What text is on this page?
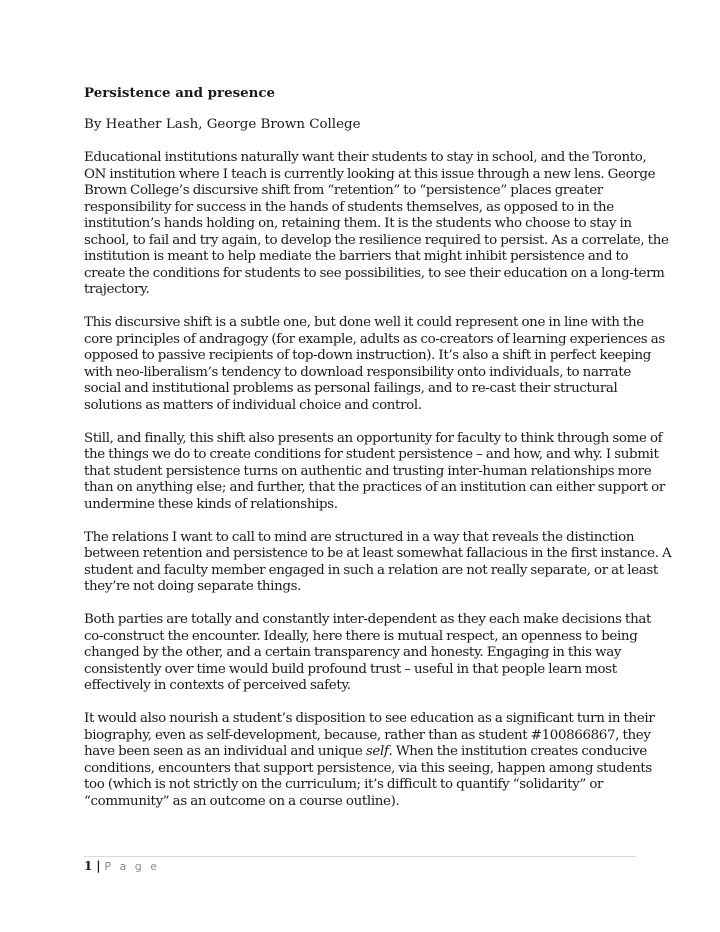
Persistence and presence

By Heather Lash, George Brown College

Educational institutions naturally want their students to stay in school, and the Toronto,
ON institution where I teach is currently looking at this issue through a new lens. George
Brown College’s discursive shift from “retention” to “persistence” places greater
responsibility for success in the hands of students themselves, as opposed to in the
institution’s hands holding on, retaining them. It is the students who choose to stay in
school, to fail and try again, to develop the resilience required to persist. As a correlate, the
institution is meant to help mediate the barriers that might inhibit persistence and to
create the conditions for students to see possibilities, to see their education on a long-term
trajectory.

This discursive shift is a subtle one, but done well it could represent one in line with the
core principles of andragogy (for example, adults as co-creators of learning experiences as
opposed to passive recipients of top-down instruction). It’s also a shift in perfect keeping
with neo-liberalism’s tendency to download responsibility onto individuals, to narrate
social and institutional problems as personal failings, and to re-cast their structural
solutions as matters of individual choice and control.

Still, and finally, this shift also presents an opportunity for faculty to think through some of
the things we do to create conditions for student persistence – and how, and why. I submit
that student persistence turns on authentic and trusting inter-human relationships more
than on anything else; and further, that the practices of an institution can either support or
undermine these kinds of relationships.

The relations I want to call to mind are structured in a way that reveals the distinction
between retention and persistence to be at least somewhat fallacious in the first instance. A
student and faculty member engaged in such a relation are not really separate, or at least
they’re not doing separate things.

Both parties are totally and constantly inter-dependent as they each make decisions that
co-construct the encounter. Ideally, here there is mutual respect, an openness to being
changed by the other, and a certain transparency and honesty. Engaging in this way
consistently over time would build profound trust – useful in that people learn most
effectively in contexts of perceived safety.

It would also nourish a student’s disposition to see education as a significant turn in their
biography, even as self-development, because, rather than as student #100866867, they
have been seen as an individual and unique self. When the institution creates conducive
conditions, encounters that support persistence, via this seeing, happen among students
too (which is not strictly on the curriculum; it’s difficult to quantify “solidarity” or
“community” as an outcome on a course outline).

1 | P a g e
